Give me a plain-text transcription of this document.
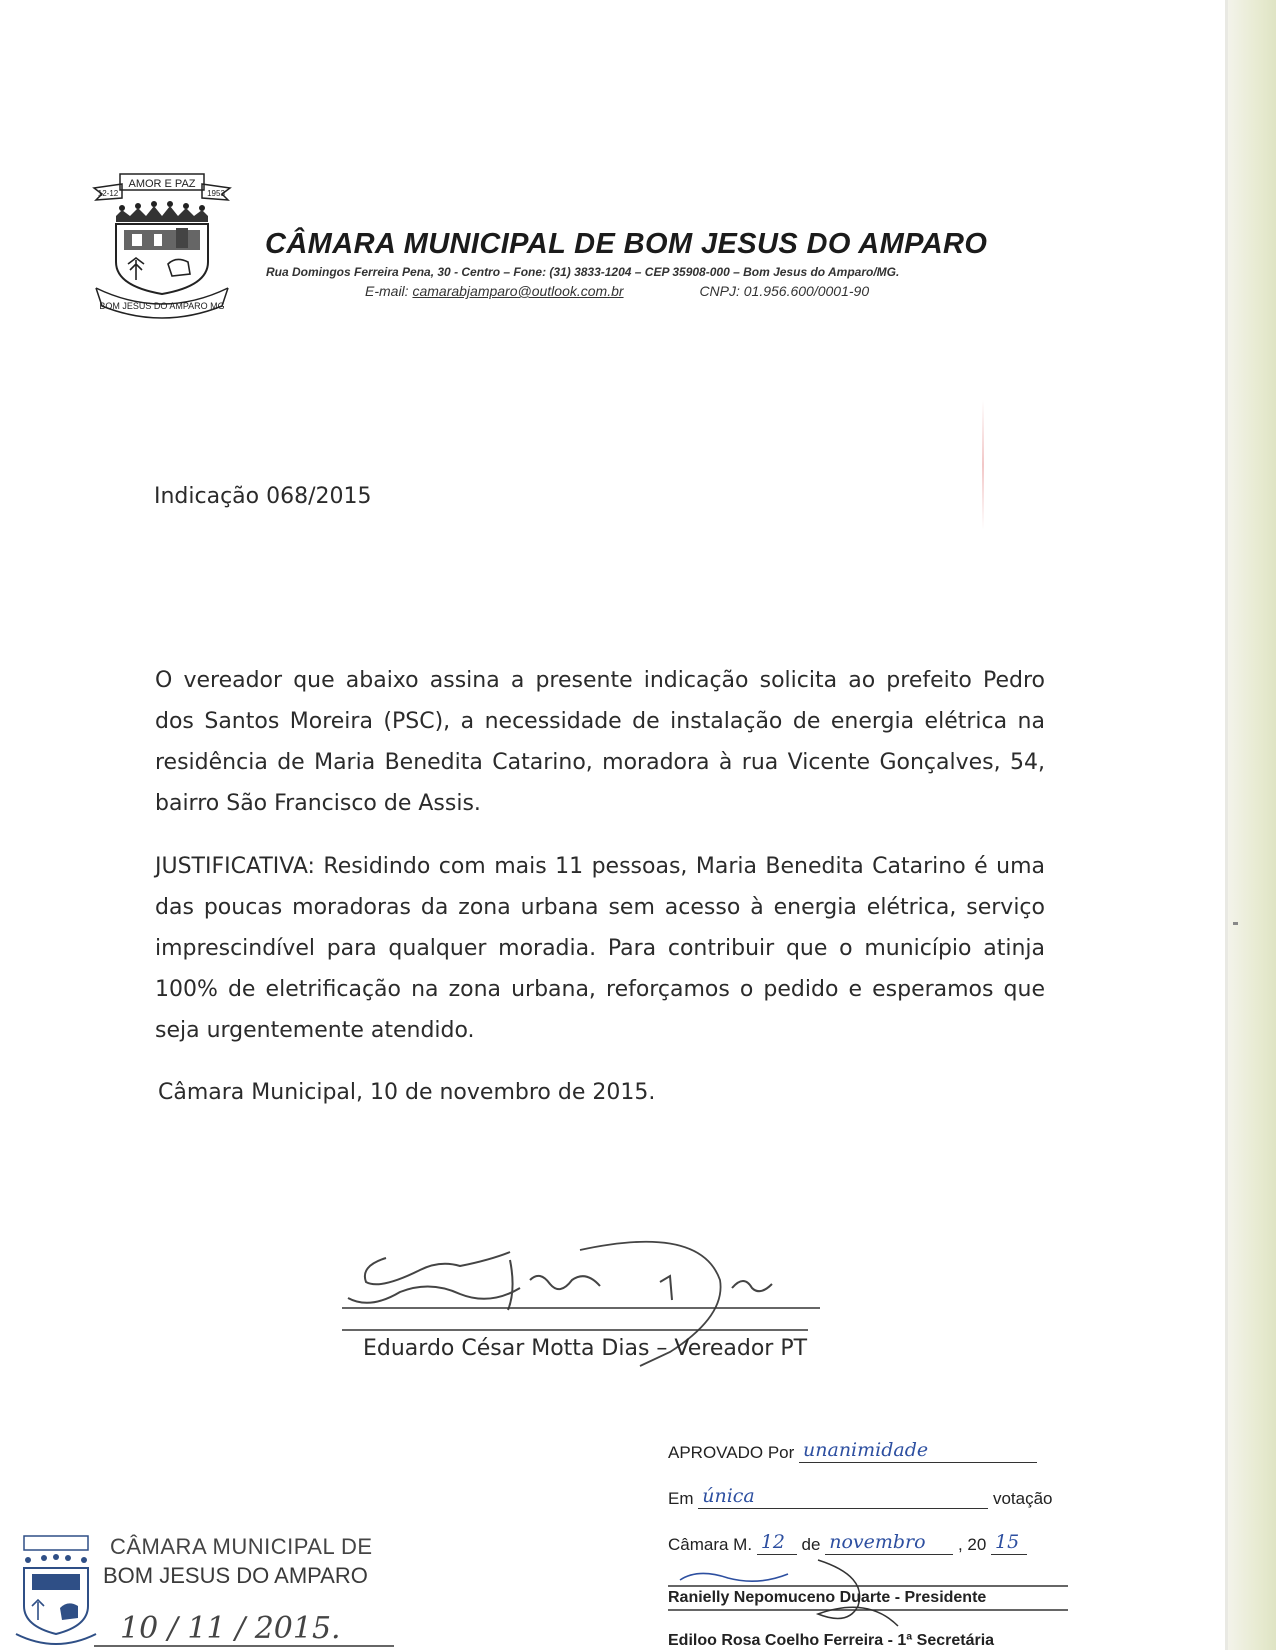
AMOR E PAZ
12-12	1953
BOM JESUS DO AMPARO MG
CÂMARA MUNICIPAL DE BOM JESUS DO AMPARO
Rua Domingos Ferreira Pena, 30 - Centro – Fone: (31) 3833-1204 – CEP 35908-000 – Bom Jesus do Amparo/MG.
E-mail: camarabjamparo@outlook.com.br	CNPJ: 01.956.600/0001-90
Indicação 068/2015

O vereador que abaixo assina a presente indicação solicita ao prefeito Pedro dos Santos Moreira (PSC), a necessidade de instalação de energia elétrica na residência de Maria Benedita Catarino, moradora à rua Vicente Gonçalves, 54, bairro São Francisco de Assis.

JUSTIFICATIVA: Residindo com mais 11 pessoas, Maria Benedita Catarino é uma das poucas moradoras da zona urbana sem acesso à energia elétrica, serviço imprescindível para qualquer moradia. Para contribuir que o município atinja 100% de eletrificação na zona urbana, reforçamos o pedido e esperamos que seja urgentemente atendido.

Câmara Municipal, 10 de novembro de 2015.
Eduardo César Motta Dias – Vereador PT
APROVADO Por unanimidade
Em única	votação
Câmara M. 12 de novembro , 20 15
Ranielly Nepomuceno Duarte - Presidente
Ediloo Rosa Coelho Ferreira - 1ª Secretária
CÂMARA MUNICIPAL DE
BOM JESUS DO AMPARO
10 / 11 / 2015.
